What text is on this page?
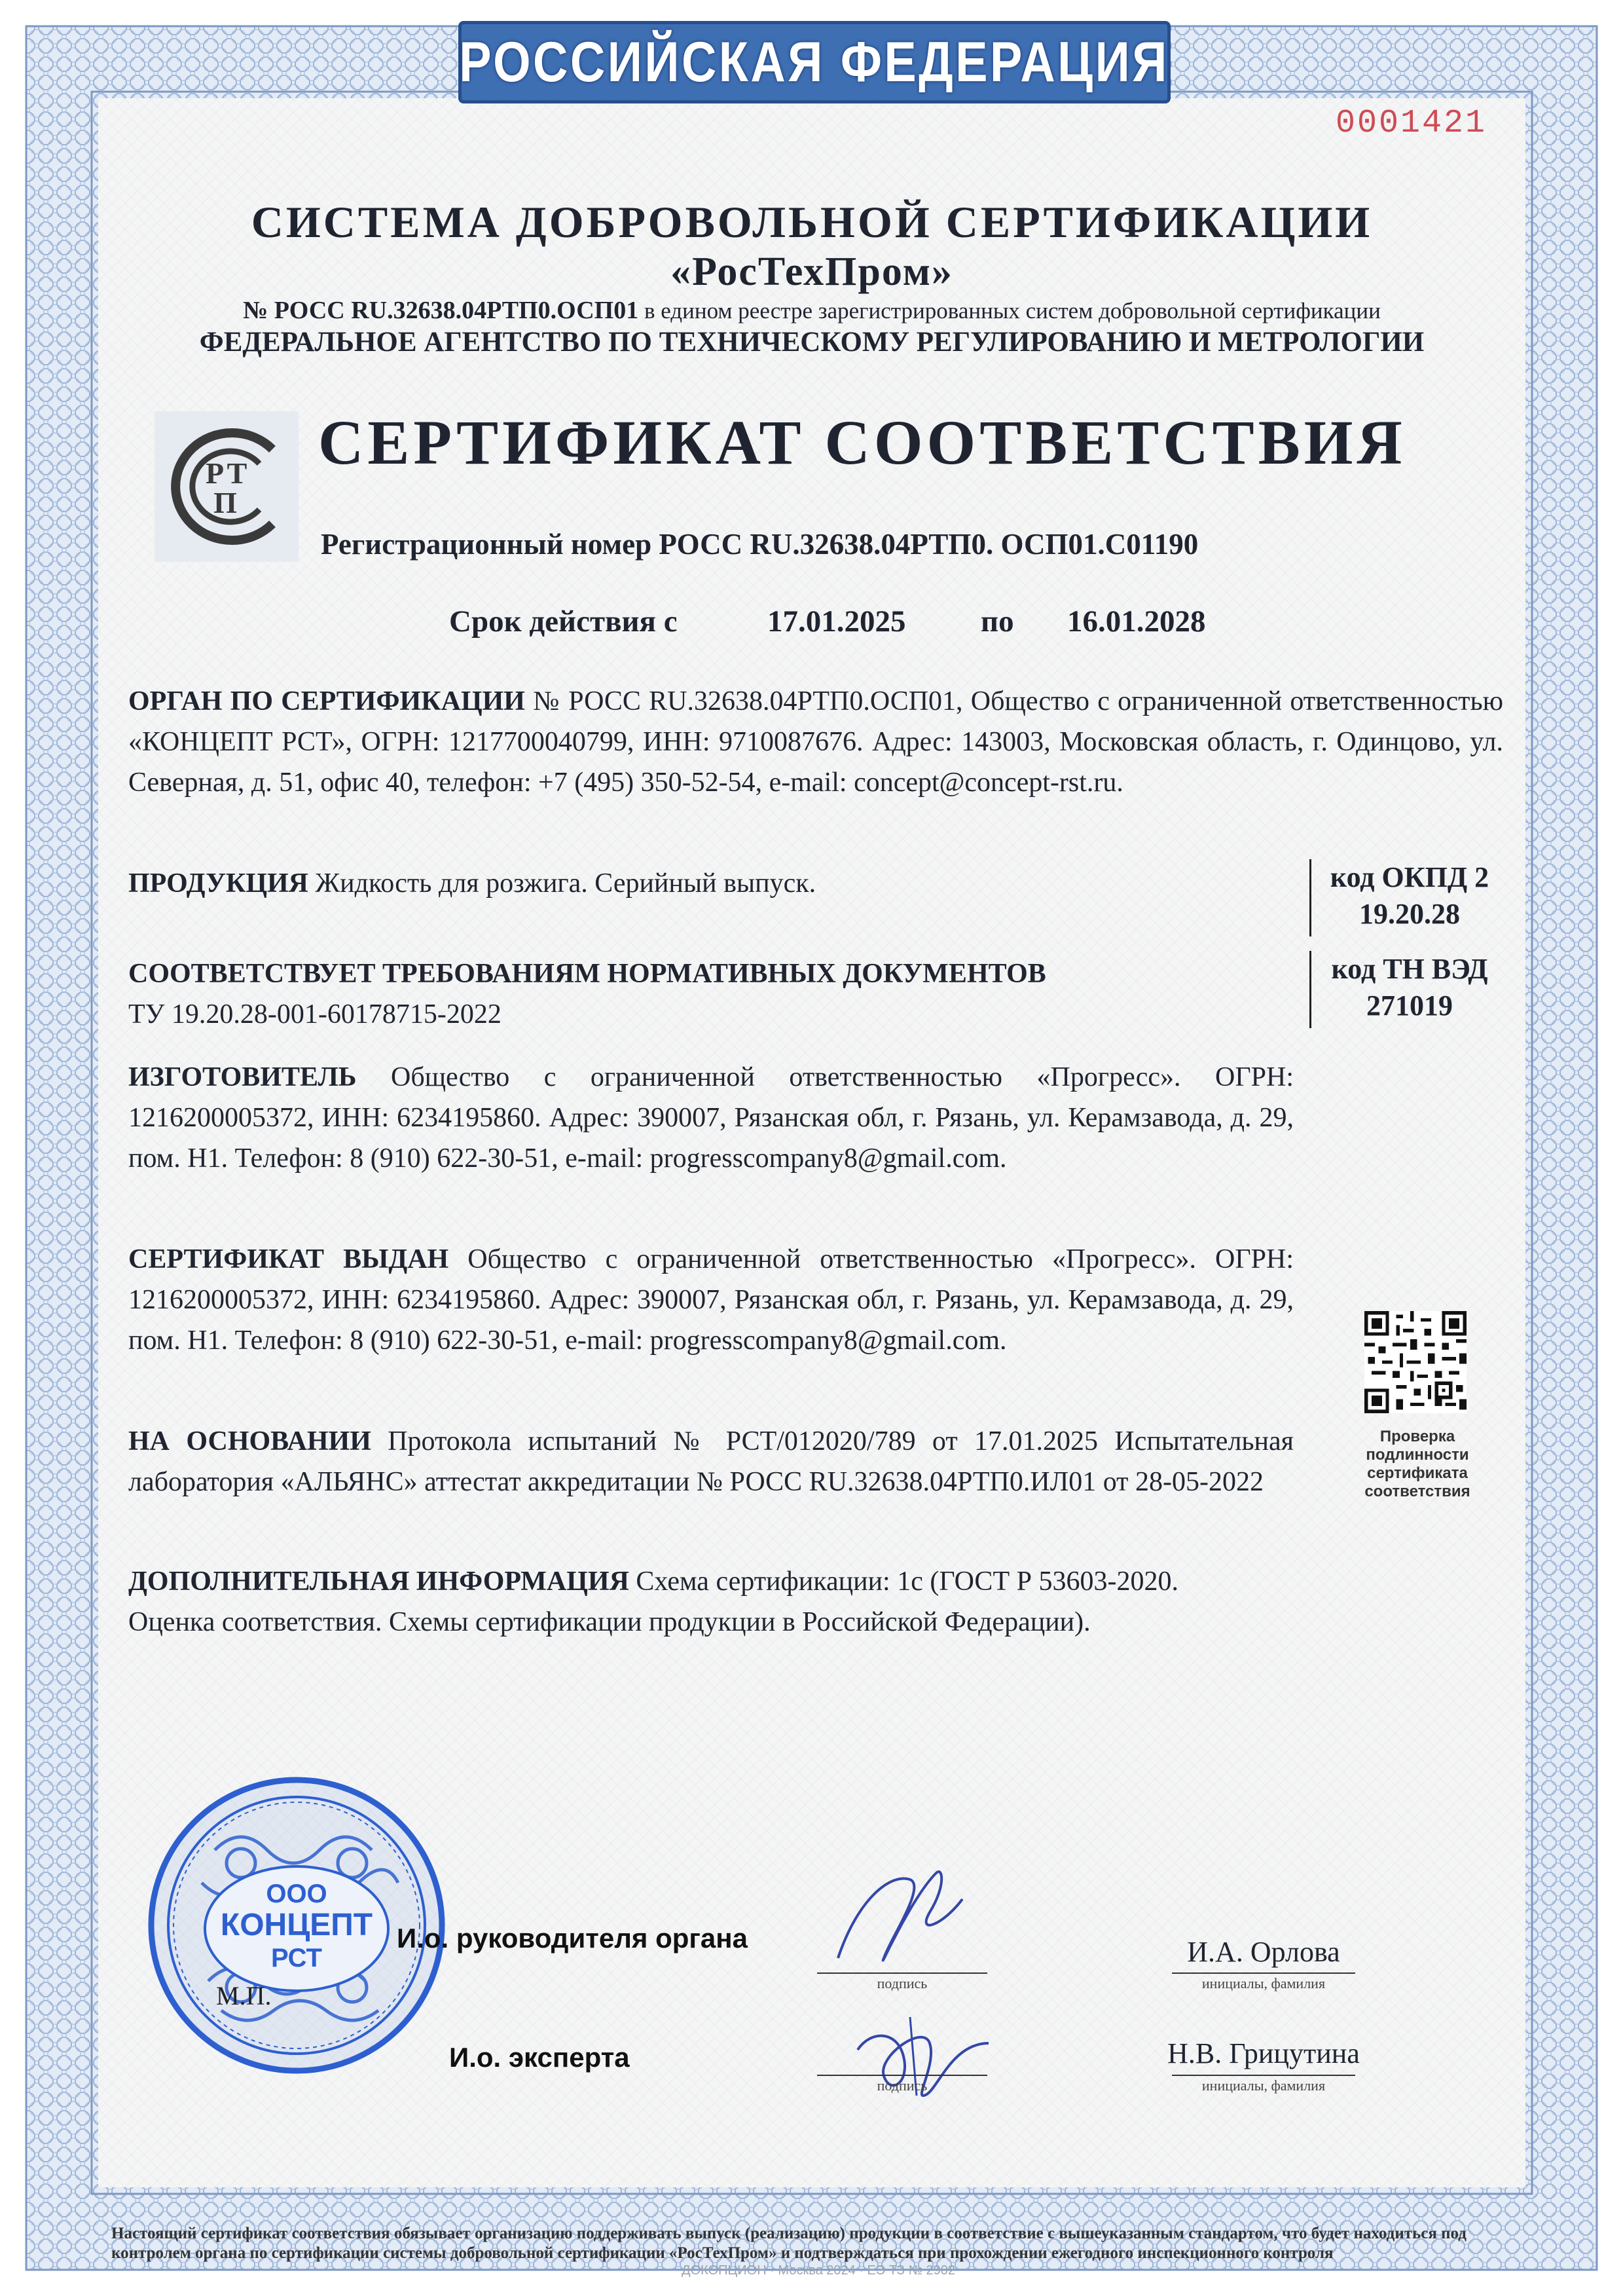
РОССИЙСКАЯ ФЕДЕРАЦИЯ
0001421
СИСТЕМА ДОБРОВОЛЬНОЙ СЕРТИФИКАЦИИ
«РосТехПром»
№ РОСС RU.32638.04РТП0.ОСП01 в едином реестре зарегистрированных систем добровольной сертификации
ФЕДЕРАЛЬНОЕ АГЕНТСТВО ПО ТЕХНИЧЕСКОМУ РЕГУЛИРОВАНИЮ И МЕТРОЛОГИИ
Р Т
П
СЕРТИФИКАТ СООТВЕТСТВИЯ
Регистрационный номер РОСС RU.32638.04РТП0. ОСП01.С01190
Срок действия с	17.01.2025 по 16.01.2028
ОРГАН ПО СЕРТИФИКАЦИИ № РОСС RU.32638.04РТП0.ОСП01, Общество с ограниченной ответственностью «КОНЦЕПТ РСТ», ОГРН: 1217700040799, ИНН: 9710087676. Адрес: 143003, Московская область, г. Одинцово, ул. Северная, д. 51, офис 40, телефон: +7 (495) 350-52-54, e-mail: concept@concept-rst.ru.
ПРОДУКЦИЯ Жидкость для розжига. Серийный выпуск.	код ОКПД 2
19.20.28
СООТВЕТСТВУЕТ ТРЕБОВАНИЯМ НОРМАТИВНЫХ ДОКУМЕНТОВ
ТУ 19.20.28-001-60178715-2022
код ТН ВЭД
271019
ИЗГОТОВИТЕЛЬ Общество с ограниченной ответственностью «Прогресс». ОГРН: 1216200005372, ИНН: 6234195860. Адрес: 390007, Рязанская обл, г. Рязань, ул. Керамзавода, д. 29, пом. Н1. Телефон: 8 (910) 622-30-51, e-mail: progresscompany8@gmail.com.
СЕРТИФИКАТ ВЫДАН Общество с ограниченной ответственностью «Прогресс». ОГРН: 1216200005372, ИНН: 6234195860. Адрес: 390007, Рязанская обл, г. Рязань, ул. Керамзавода, д. 29, пом. Н1. Телефон: 8 (910) 622-30-51, e-mail: progresscompany8@gmail.com.
Проверка подлинности сертификата соответствия
НА ОСНОВАНИИ Протокола испытаний № РСТ/012020/789 от 17.01.2025 Испытательная лаборатория «АЛЬЯНС» аттестат аккредитации № РОСС RU.32638.04РТП0.ИЛ01 от 28-05-2022
ДОПОЛНИТЕЛЬНАЯ ИНФОРМАЦИЯ Схема сертификации: 1с (ГОСТ Р 53603-2020. Оценка соответствия. Схемы сертификации продукции в Российской Федерации).
ООО
КОНЦЕПТ
РСТ
М.П.
И.о. руководителя органа
подпись
И.А. Орлова
инициалы, фамилия
И.о. эксперта
подпись
Н.В. Грицутина
инициалы, фамилия
Настоящий сертификат соответствия обязывает организацию поддерживать выпуск (реализацию) продукции в соответствие с вышеуказанным стандартом, что будет находиться под контролем органа по сертификации системы добровольной сертификации «РосТехПром» и подтверждаться при прохождении ежегодного инспекционного контроля
ДОКОПЦИОН · Москва 2024 · ЕЭ ТЗ № 2902
